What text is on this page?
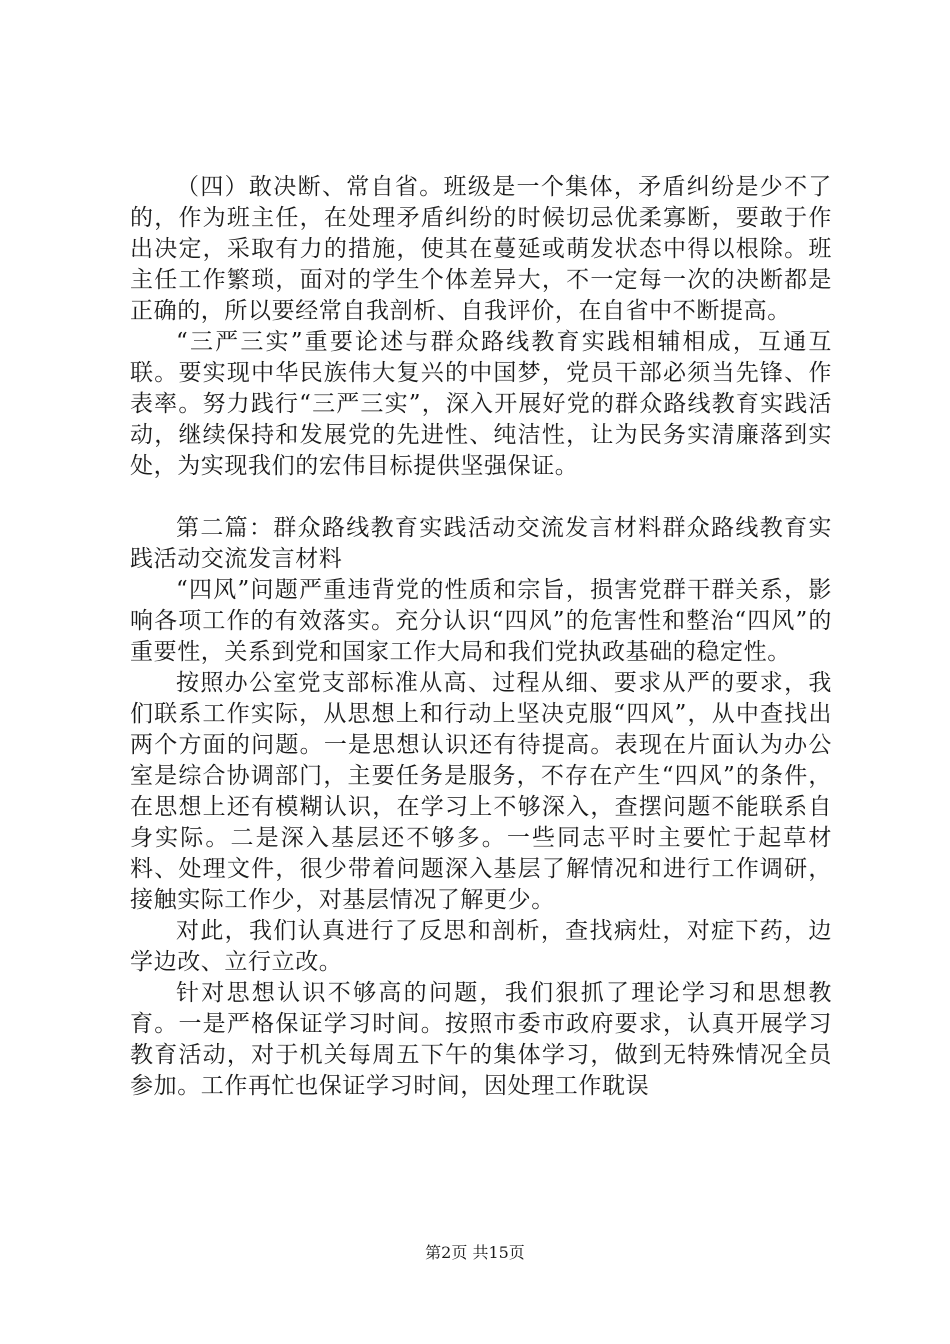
（四）敢决断、常自省。班级是一个集体，矛盾纠纷是少不了的，作为班主任，在处理矛盾纠纷的时候切忌优柔寡断，要敢于作出决定，采取有力的措施，使其在蔓延或萌发状态中得以根除。班主任工作繁琐，面对的学生个体差异大，不一定每一次的决断都是正确的，所以要经常自我剖析、自我评价，在自省中不断提高。

“三严三实”重要论述与群众路线教育实践相辅相成，互通互联。要实现中华民族伟大复兴的中国梦，党员干部必须当先锋、作表率。努力践行“三严三实”，深入开展好党的群众路线教育实践活动，继续保持和发展党的先进性、纯洁性，让为民务实清廉落到实处，为实现我们的宏伟目标提供坚强保证。

第二篇：群众路线教育实践活动交流发言材料群众路线教育实践活动交流发言材料

“四风”问题严重违背党的性质和宗旨，损害党群干群关系，影响各项工作的有效落实。充分认识“四风”的危害性和整治“四风”的重要性，关系到党和国家工作大局和我们党执政基础的稳定性。

按照办公室党支部标准从高、过程从细、要求从严的要求，我们联系工作实际，从思想上和行动上坚决克服“四风”，从中查找出两个方面的问题。一是思想认识还有待提高。表现在片面认为办公室是综合协调部门，主要任务是服务，不存在产生“四风”的条件，在思想上还有模糊认识，在学习上不够深入，查摆问题不能联系自身实际。二是深入基层还不够多。一些同志平时主要忙于起草材料、处理文件，很少带着问题深入基层了解情况和进行工作调研，接触实际工作少，对基层情况了解更少。

对此，我们认真进行了反思和剖析，查找病灶，对症下药，边学边改、立行立改。

针对思想认识不够高的问题，我们狠抓了理论学习和思想教育。一是严格保证学习时间。按照市委市政府要求，认真开展学习教育活动，对于机关每周五下午的集体学习，做到无特殊情况全员参加。工作再忙也保证学习时间，因处理工作耽误

第2页 共15页
